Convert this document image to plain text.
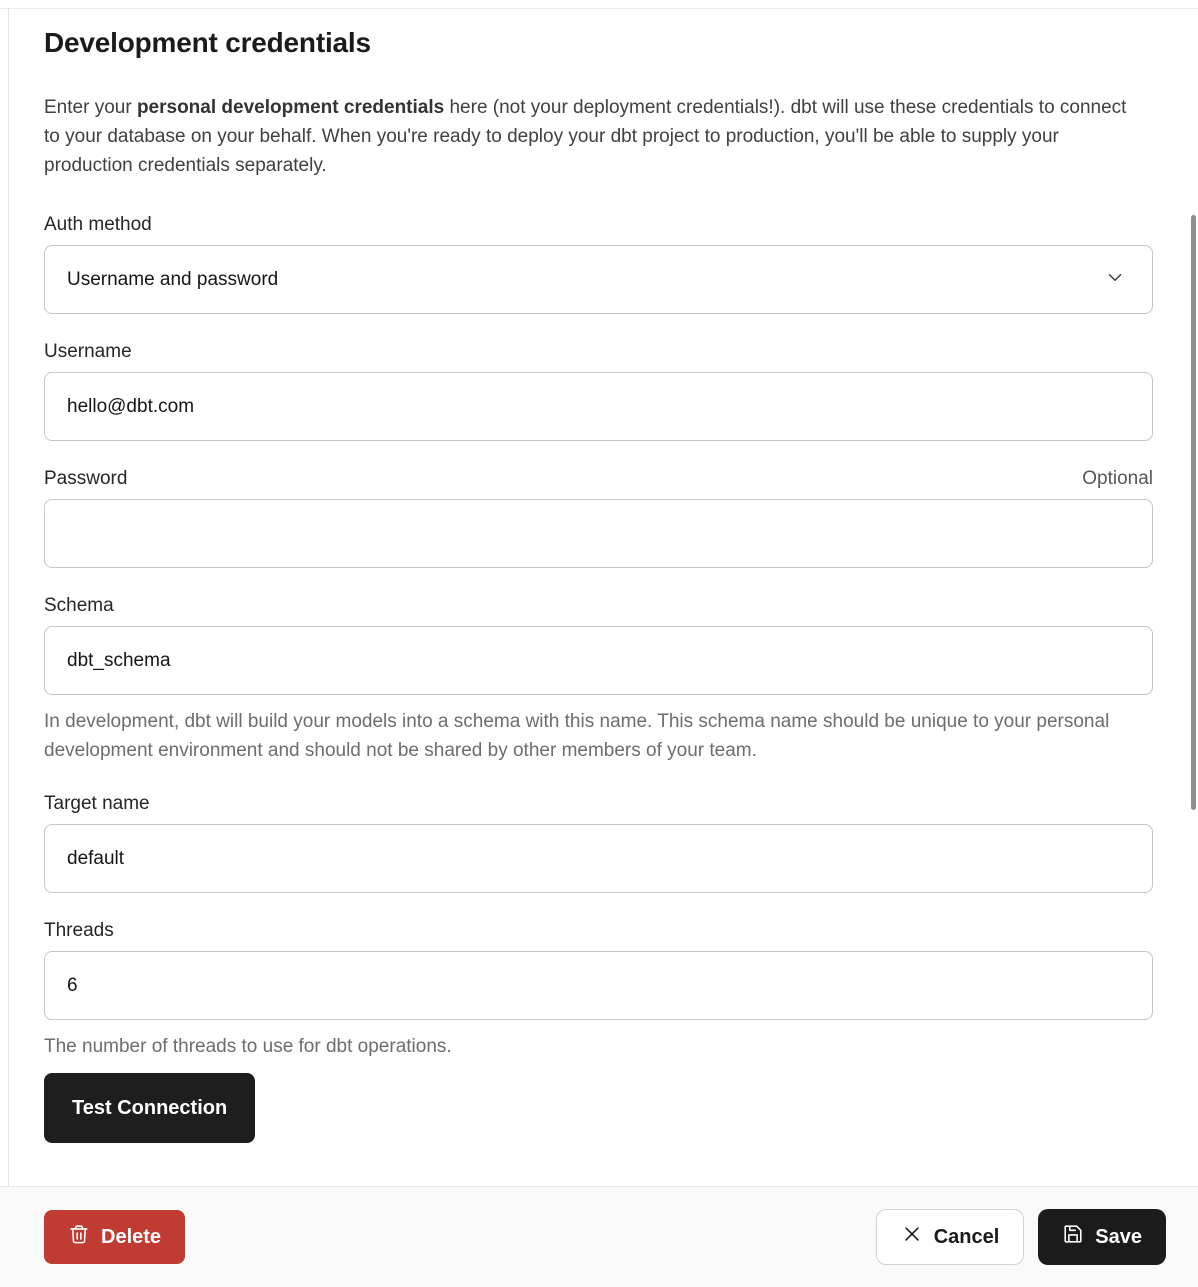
Development credentials

Enter your personal development credentials here (not your deployment credentials!). dbt will use these credentials to connect to your database on your behalf. When you're ready to deploy your dbt project to production, you'll be able to supply your production credentials separately.

Auth method
Username and password
Username
hello@dbt.com
Password	Optional
Schema
dbt_schema

In development, dbt will build your models into a schema with this name. This schema name should be unique to your personal development environment and should not be shared by other members of your team.

Target name
default
Threads
6

The number of threads to use for dbt operations.

Test Connection
Delete	Cancel	Save
